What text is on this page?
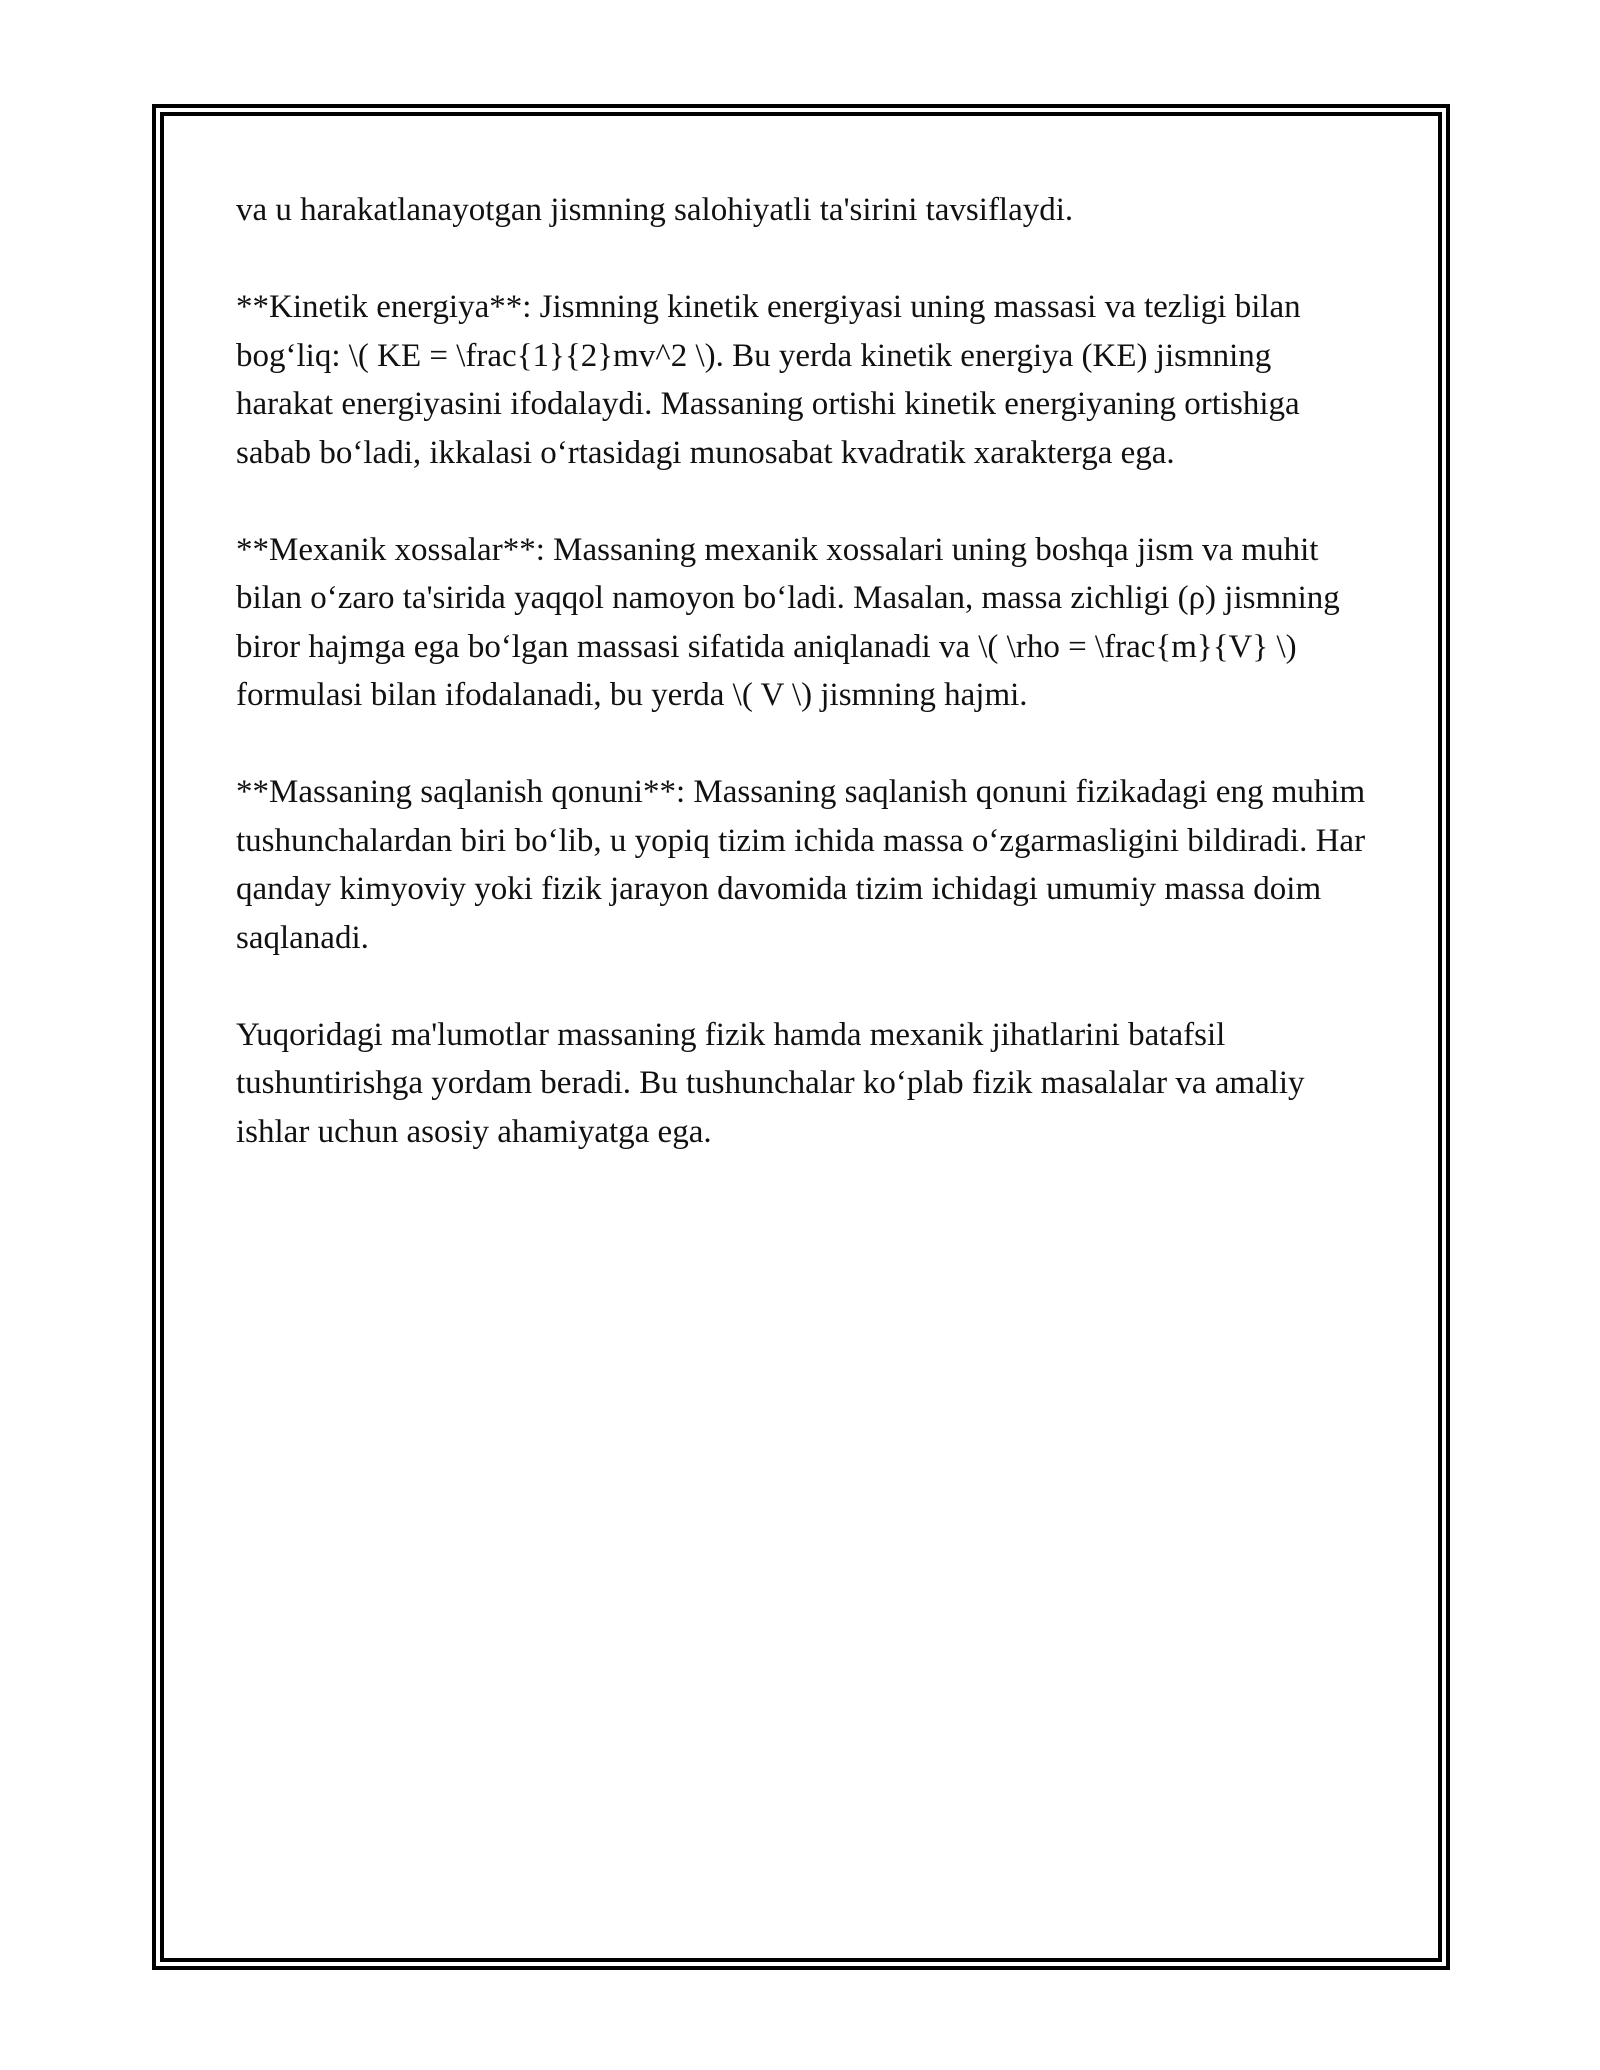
va u harakatlanayotgan jismning salohiyatli ta'sirini tavsiflaydi.

**Kinetik energiya**: Jismning kinetik energiyasi uning massasi va tezligi bilan bog‘liq: \( KE = \frac{1}{2}mv^2 \). Bu yerda kinetik energiya (KE) jismning harakat energiyasini ifodalaydi. Massaning ortishi kinetik energiyaning ortishiga sabab bo‘ladi, ikkalasi o‘rtasidagi munosabat kvadratik xarakterga ega.

**Mexanik xossalar**: Massaning mexanik xossalari uning boshqa jism va muhit bilan o‘zaro ta'sirida yaqqol namoyon bo‘ladi. Masalan, massa zichligi (ρ) jismning biror hajmga ega bo‘lgan massasi sifatida aniqlanadi va \( \rho = \frac{m}{V} \) formulasi bilan ifodalanadi, bu yerda \( V \) jismning hajmi.

**Massaning saqlanish qonuni**: Massaning saqlanish qonuni fizikadagi eng muhim tushunchalardan biri bo‘lib, u yopiq tizim ichida massa o‘zgarmasligini bildiradi. Har qanday kimyoviy yoki fizik jarayon davomida tizim ichidagi umumiy massa doim saqlanadi.

Yuqoridagi ma'lumotlar massaning fizik hamda mexanik jihatlarini batafsil tushuntirishga yordam beradi. Bu tushunchalar ko‘plab fizik masalalar va amaliy ishlar uchun asosiy ahamiyatga ega.
